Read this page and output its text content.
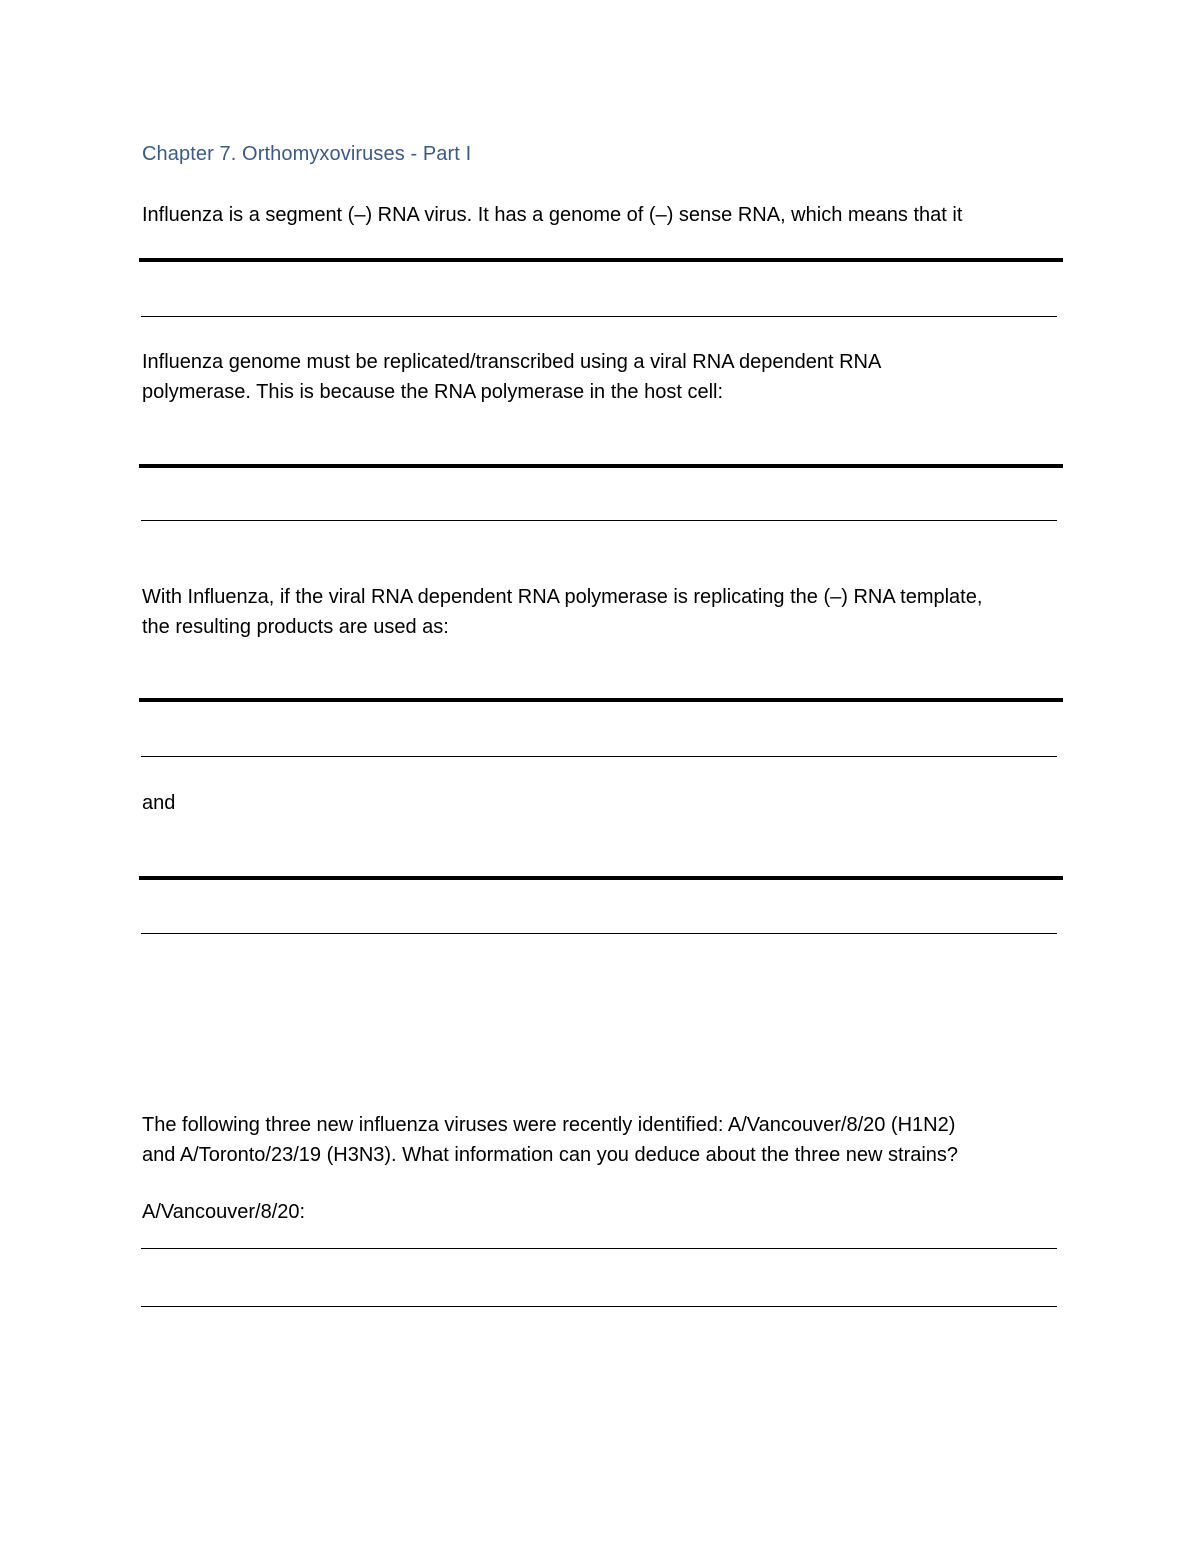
Chapter 7. Orthomyxoviruses - Part I
Influenza is a segment (–) RNA virus. It has a genome of (–) sense RNA, which means that it
Influenza genome must be replicated/transcribed using a viral RNA dependent RNA
polymerase. This is because the RNA polymerase in the host cell:
With Influenza, if the viral RNA dependent RNA polymerase is replicating the (–) RNA template,
the resulting products are used as:
and
The following three new influenza viruses were recently identified: A/Vancouver/8/20 (H1N2)
and A/Toronto/23/19 (H3N3). What information can you deduce about the three new strains?
A/Vancouver/8/20:
